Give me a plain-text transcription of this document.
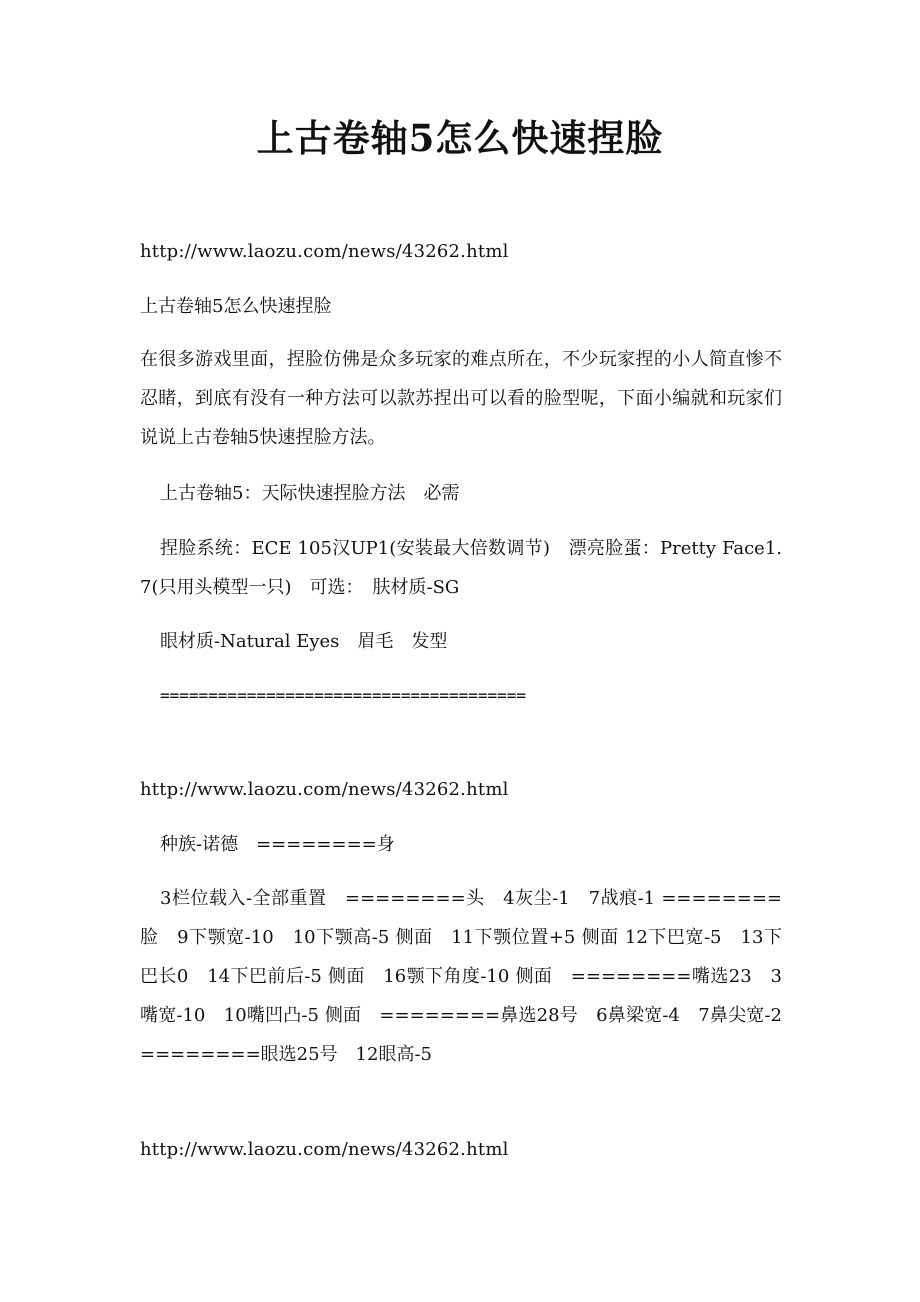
上古卷轴5怎么快速捏脸

http://www.laozu.com/news/43262.html

上古卷轴5怎么快速捏脸

在很多游戏里面，捏脸仿佛是众多玩家的难点所在，不少玩家捏的小人简直惨不忍睹，到底有没有一种方法可以款苏捏出可以看的脸型呢，下面小编就和玩家们说说上古卷轴5快速捏脸方法。

上古卷轴5：天际快速捏脸方法　必需

捏脸系统：ECE 105汉UP1(安装最大倍数调节)　漂亮脸蛋：Pretty Face1.7(只用头模型一只)　可选：　肤材质-SG

眼材质-Natural Eyes　眉毛　发型

======================================

http://www.laozu.com/news/43262.html

种族-诺德　========身

3栏位载入-全部重置　========头　4灰尘-1　7战痕-1 ========脸　9下颚宽-10　10下颚高-5 侧面　11下颚位置+5 侧面 12下巴宽-5　13下巴长0　14下巴前后-5 侧面　16颚下角度-10 侧面　========嘴选23　3嘴宽-10　10嘴凹凸-5 侧面　========鼻选28号　6鼻梁宽-4　7鼻尖宽-2　========眼选25号　12眼高-5

http://www.laozu.com/news/43262.html
